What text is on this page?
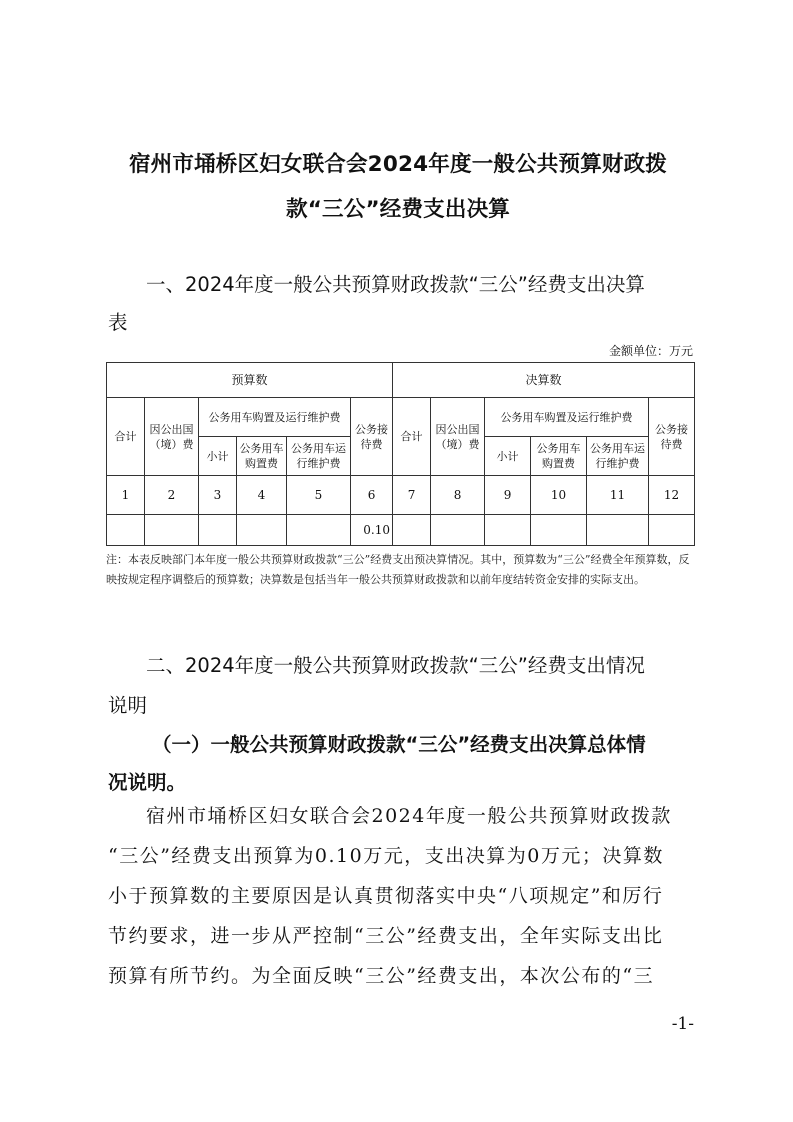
宿州市埇桥区妇女联合会2024年度一般公共预算财政拨
款“三公”经费支出决算
一、2024年度一般公共预算财政拨款“三公”经费支出决算
表
金额单位：万元
预算数						决算数					
合计	因公出国（境）费	公务用车购置及运行维护费			公务接待费	合计	因公出国（境）费	公务用车购置及运行维护费			公务接待费
		小计	公务用车购置费	公务用车运行维护费				小计	公务用车购置费	公务用车运行维护费	
1	2	3	4	5	6	7	8	9	10	11	12
					0.10						
注：本表反映部门本年度一般公共预算财政拨款“三公”经费支出预决算情况。其中，预算数为“三公”经费全年预算数，反映按规定程序调整后的预算数；决算数是包括当年一般公共预算财政拨款和以前年度结转资金安排的实际支出。
二、2024年度一般公共预算财政拨款“三公”经费支出情况
说明
（一）一般公共预算财政拨款“三公”经费支出决算总体情
况说明。
宿州市埇桥区妇女联合会2024年度一般公共预算财政拨款
“三公”经费支出预算为0.10万元，支出决算为0万元；决算数
小于预算数的主要原因是认真贯彻落实中央“八项规定”和厉行
节约要求，进一步从严控制“三公”经费支出，全年实际支出比
预算有所节约。为全面反映“三公”经费支出，本次公布的“三
-1-
